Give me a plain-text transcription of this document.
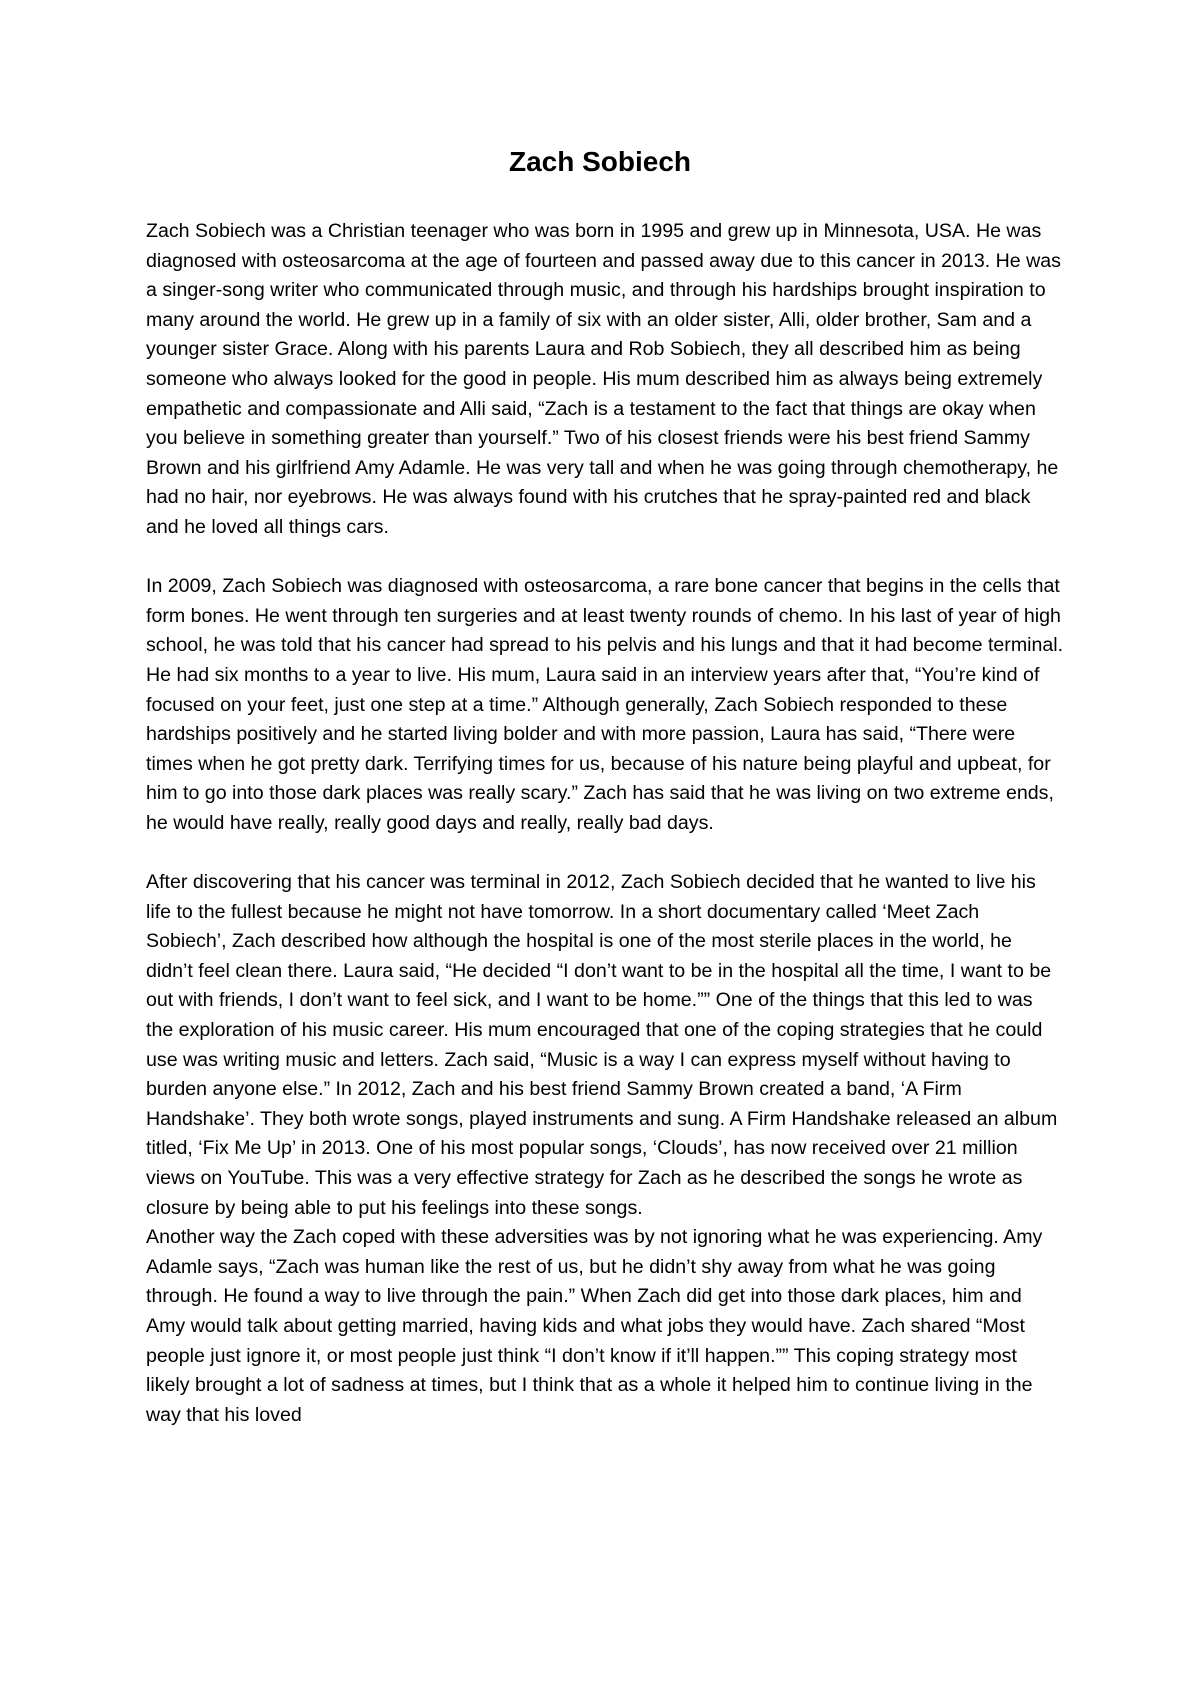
Zach Sobiech

Zach Sobiech was a Christian teenager who was born in 1995 and grew up in Minnesota, USA. He was diagnosed with osteosarcoma at the age of fourteen and passed away due to this cancer in 2013. He was a singer-song writer who communicated through music, and through his hardships brought inspiration to many around the world. He grew up in a family of six with an older sister, Alli, older brother, Sam and a younger sister Grace. Along with his parents Laura and Rob Sobiech, they all described him as being someone who always looked for the good in people. His mum described him as always being extremely empathetic and compassionate and Alli said, “Zach is a testament to the fact that things are okay when you believe in something greater than yourself.” Two of his closest friends were his best friend Sammy Brown and his girlfriend Amy Adamle. He was very tall and when he was going through chemotherapy, he had no hair, nor eyebrows. He was always found with his crutches that he spray-painted red and black and he loved all things cars.

In 2009, Zach Sobiech was diagnosed with osteosarcoma, a rare bone cancer that begins in the cells that form bones. He went through ten surgeries and at least twenty rounds of chemo. In his last of year of high school, he was told that his cancer had spread to his pelvis and his lungs and that it had become terminal. He had six months to a year to live. His mum, Laura said in an interview years after that, “You’re kind of focused on your feet, just one step at a time.” Although generally, Zach Sobiech responded to these hardships positively and he started living bolder and with more passion, Laura has said, “There were times when he got pretty dark. Terrifying times for us, because of his nature being playful and upbeat, for him to go into those dark places was really scary.” Zach has said that he was living on two extreme ends, he would have really, really good days and really, really bad days.

After discovering that his cancer was terminal in 2012, Zach Sobiech decided that he wanted to live his life to the fullest because he might not have tomorrow. In a short documentary called ‘Meet Zach Sobiech’, Zach described how although the hospital is one of the most sterile places in the world, he didn’t feel clean there. Laura said, “He decided “I don’t want to be in the hospital all the time, I want to be out with friends, I don’t want to feel sick, and I want to be home.”” One of the things that this led to was the exploration of his music career. His mum encouraged that one of the coping strategies that he could use was writing music and letters. Zach said, “Music is a way I can express myself without having to burden anyone else.” In 2012, Zach and his best friend Sammy Brown created a band, ‘A Firm Handshake’. They both wrote songs, played instruments and sung. A Firm Handshake released an album titled, ‘Fix Me Up’ in 2013. One of his most popular songs, ‘Clouds’, has now received over 21 million views on YouTube. This was a very effective strategy for Zach as he described the songs he wrote as closure by being able to put his feelings into these songs.

Another way the Zach coped with these adversities was by not ignoring what he was experiencing. Amy Adamle says, “Zach was human like the rest of us, but he didn’t shy away from what he was going through. He found a way to live through the pain.” When Zach did get into those dark places, him and Amy would talk about getting married, having kids and what jobs they would have. Zach shared “Most people just ignore it, or most people just think “I don’t know if it’ll happen.”” This coping strategy most likely brought a lot of sadness at times, but I think that as a whole it helped him to continue living in the way that his loved
